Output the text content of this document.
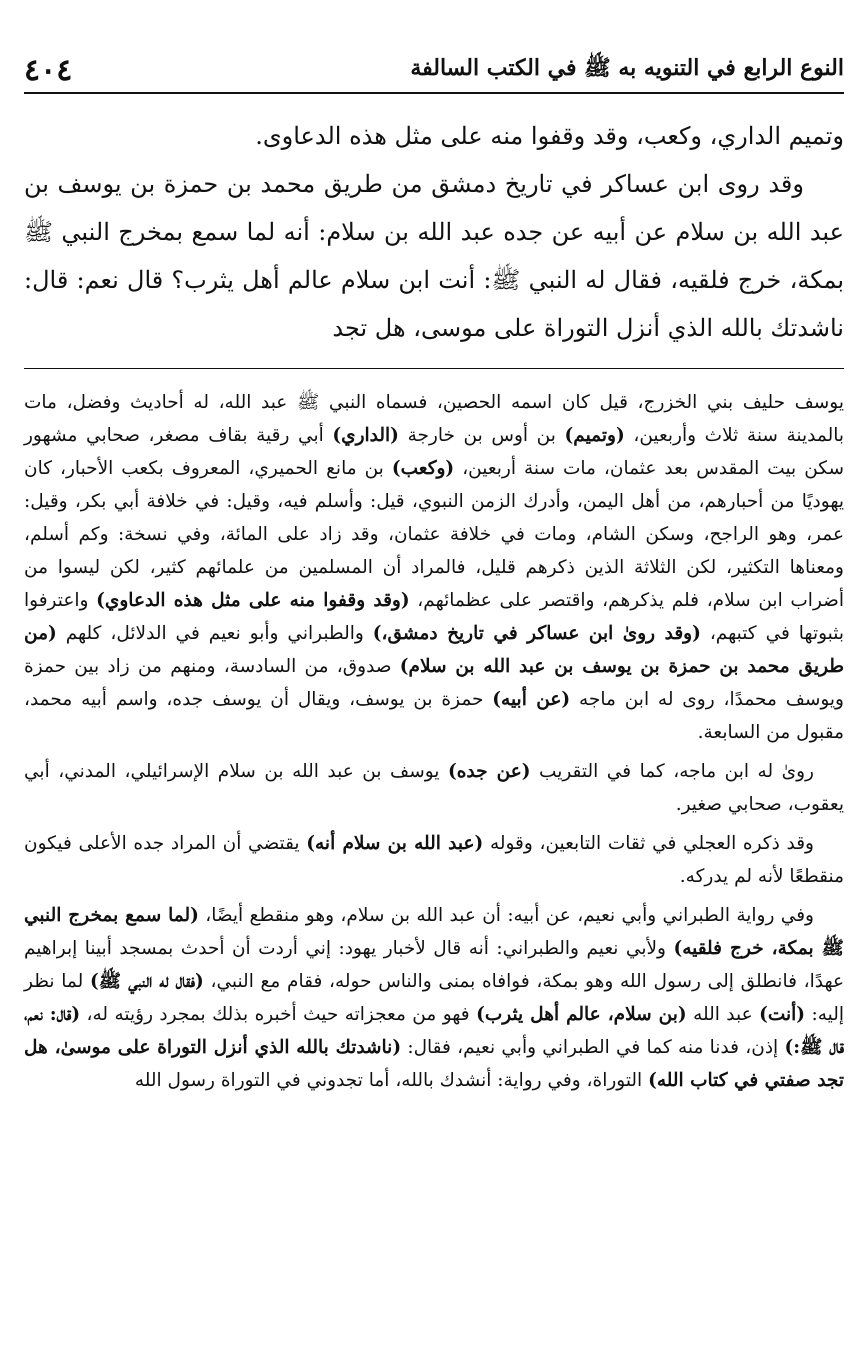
النوع الرابع في التنويه به ﷺ في الكتب السالفة
٤٠٤

وتميم الداري، وكعب، وقد وقفوا منه على مثل هذه الدعاوى.

وقد روى ابن عساكر في تاريخ دمشق من طريق محمد بن حمزة بن يوسف بن عبد الله بن سلام عن أبيه عن جده عبد الله بن سلام: أنه لما سمع بمخرج النبي ﷺ بمكة، خرج فلقيه، فقال له النبي ﷺ: أنت ابن سلام عالم أهل يثرب؟ قال نعم: قال: ناشدتك بالله الذي أنزل التوراة على موسى، هل تجد

يوسف حليف بني الخزرج، قيل كان اسمه الحصين، فسماه النبي ﷺ عبد الله، له أحاديث وفضل، مات بالمدينة سنة ثلاث وأربعين، (وتميم) بن أوس بن خارجة (الداري) أبي رقية بقاف مصغر، صحابي مشهور سكن بيت المقدس بعد عثمان، مات سنة أربعين، (وكعب) بن مانع الحميري، المعروف بكعب الأحبار، كان يهوديًا من أحبارهم، من أهل اليمن، وأدرك الزمن النبوي، قيل: وأسلم فيه، وقيل: في خلافة أبي بكر، وقيل: عمر، وهو الراجح، وسكن الشام، ومات في خلافة عثمان، وقد زاد على المائة، وفي نسخة: وكم أسلم، ومعناها التكثير، لكن الثلاثة الذين ذكرهم قليل، فالمراد أن المسلمين من علمائهم كثير، لكن ليسوا من أضراب ابن سلام، فلم يذكرهم، واقتصر على عظمائهم، (وقد وقفوا منه على مثل هذه الدعاوي) واعترفوا بثبوتها في كتبهم، (وقد روىٰ ابن عساكر في تاريخ دمشق،) والطبراني وأبو نعيم في الدلائل، كلهم (من طريق محمد بن حمزة بن يوسف بن عبد الله بن سلام) صدوق، من السادسة، ومنهم من زاد بين حمزة ويوسف محمدًا، روى له ابن ماجه (عن أبيه) حمزة بن يوسف، ويقال أن يوسف جده، واسم أبيه محمد، مقبول من السابعة.

روىٰ له ابن ماجه، كما في التقريب (عن جده) يوسف بن عبد الله بن سلام الإسرائيلي، المدني، أبي يعقوب، صحابي صغير.

وقد ذكره العجلي في ثقات التابعين، وقوله (عبد الله بن سلام أنه) يقتضي أن المراد جده الأعلى فيكون منقطعًا لأنه لم يدركه.

وفي رواية الطبراني وأبي نعيم، عن أبيه: أن عبد الله بن سلام، وهو منقطع أيضًا، (لما سمع بمخرج النبي ﷺ بمكة، خرج فلقيه) ولأبي نعيم والطبراني: أنه قال لأخبار يهود: إني أردت أن أحدث بمسجد أبينا إبراهيم عهدًا، فانطلق إلى رسول الله وهو بمكة، فوافاه بمنى والناس حوله، فقام مع النبي، (فقال له النبي ﷺ) لما نظر إليه: (أنت) عبد الله (بن سلام، عالم أهل يثرب) فهو من معجزاته حيث أخبره بذلك بمجرد رؤيته له، (قال: نعم، قال ﷺ:) إذن، فدنا منه كما في الطبراني وأبي نعيم، فقال: (ناشدتك بالله الذي أنزل التوراة على موسىٰ، هل تجد صفتي في كتاب الله) التوراة، وفي رواية: أنشدك بالله، أما تجدوني في التوراة رسول الله
